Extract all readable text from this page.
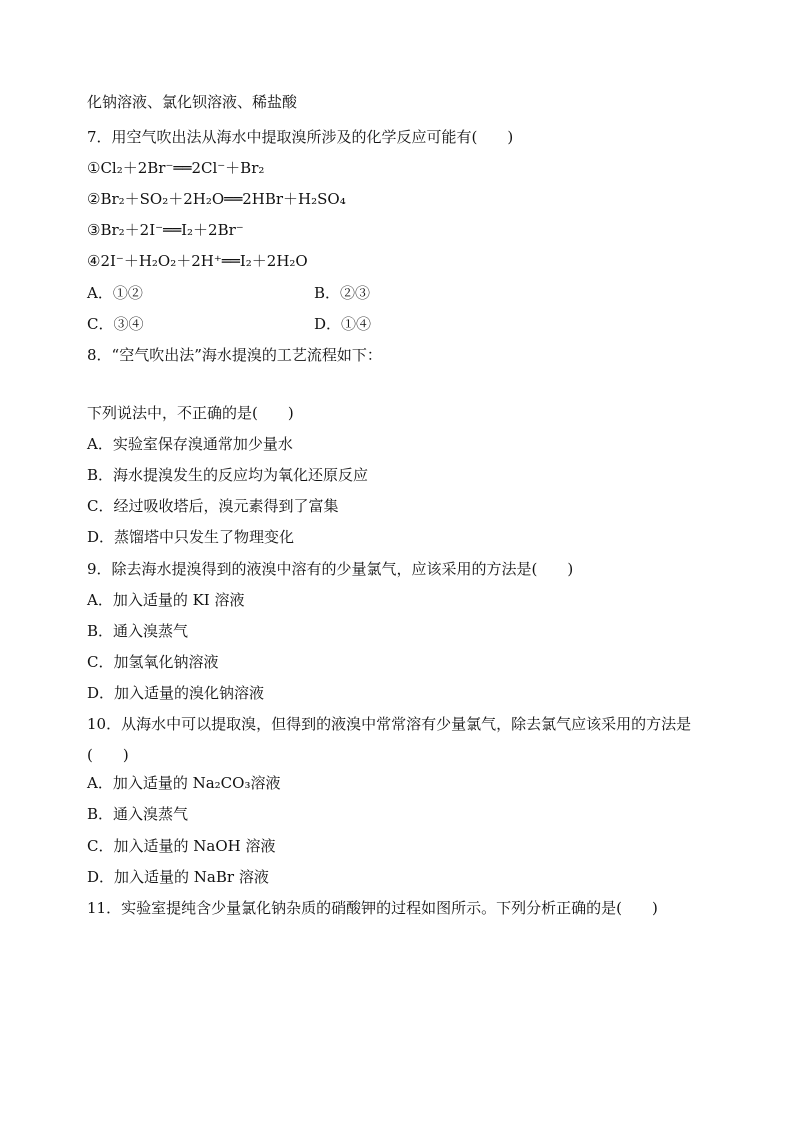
化钠溶液、氯化钡溶液、稀盐酸
7．用空气吹出法从海水中提取溴所涉及的化学反应可能有(　　)
①Cl₂＋2Br⁻══2Cl⁻＋Br₂
②Br₂＋SO₂＋2H₂O══2HBr＋H₂SO₄
③Br₂＋2I⁻══I₂＋2Br⁻
④2I⁻＋H₂O₂＋2H⁺══I₂＋2H₂O
A．①②	B．②③
C．③④	D．①④
8．“空气吹出法”海水提溴的工艺流程如下：
下列说法中，不正确的是(　　)
A．实验室保存溴通常加少量水
B．海水提溴发生的反应均为氧化还原反应
C．经过吸收塔后，溴元素得到了富集
D．蒸馏塔中只发生了物理变化
9．除去海水提溴得到的液溴中溶有的少量氯气，应该采用的方法是(　　)
A．加入适量的 KI 溶液
B．通入溴蒸气
C．加氢氧化钠溶液
D．加入适量的溴化钠溶液
10．从海水中可以提取溴，但得到的液溴中常常溶有少量氯气，除去氯气应该采用的方法是
(　　)
A．加入适量的 Na₂CO₃溶液
B．通入溴蒸气
C．加入适量的 NaOH 溶液
D．加入适量的 NaBr 溶液
11．实验室提纯含少量氯化钠杂质的硝酸钾的过程如图所示。下列分析正确的是(　　)
